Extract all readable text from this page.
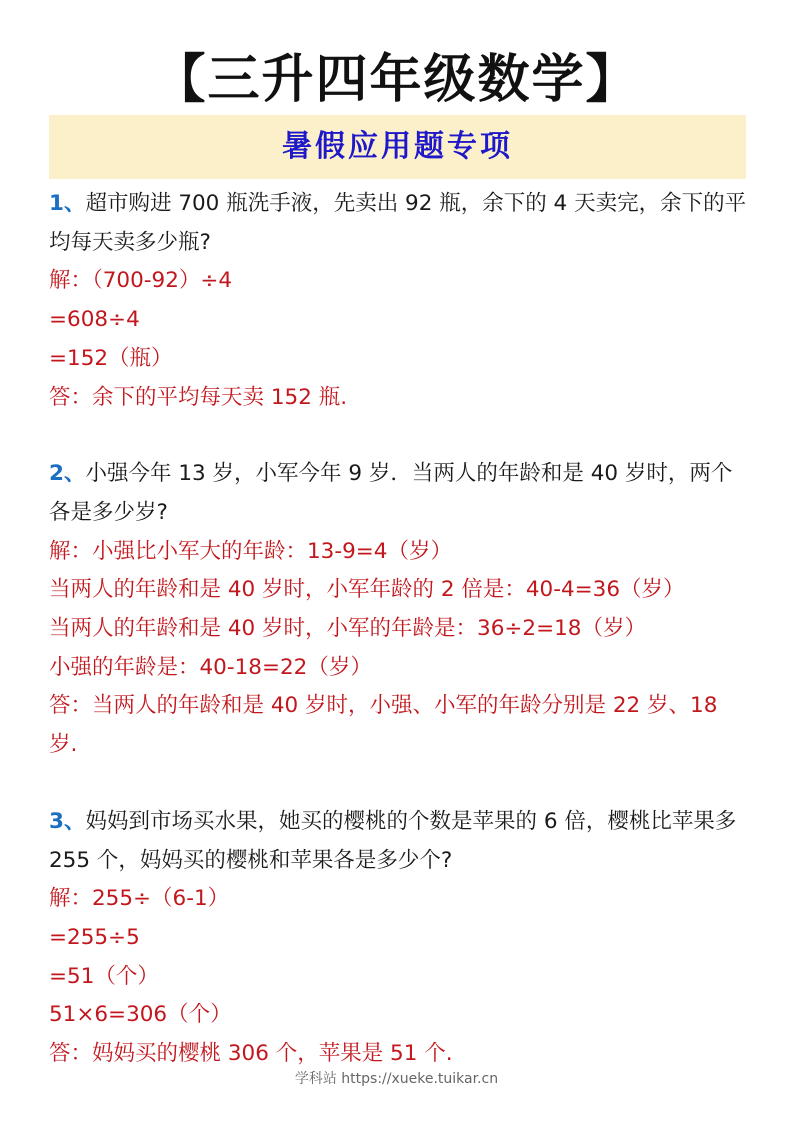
【三升四年级数学】
暑假应用题专项

1、超市购进 700 瓶洗手液，先卖出 92 瓶，余下的 4 天卖完，余下的平均每天卖多少瓶?

解：（700-92）÷4

=608÷4

=152（瓶）

答：余下的平均每天卖 152 瓶.

2、小强今年 13 岁，小军今年 9 岁．当两人的年龄和是 40 岁时，两个各是多少岁?

解：小强比小军大的年龄：13-9=4（岁）

当两人的年龄和是 40 岁时，小军年龄的 2 倍是：40-4=36（岁）

当两人的年龄和是 40 岁时，小军的年龄是：36÷2=18（岁）

小强的年龄是：40-18=22（岁）

答：当两人的年龄和是 40 岁时，小强、小军的年龄分别是 22 岁、18 岁.

3、妈妈到市场买水果，她买的樱桃的个数是苹果的 6 倍，樱桃比苹果多 255 个，妈妈买的樱桃和苹果各是多少个?

解：255÷（6-1）

=255÷5

=51（个）

51×6=306（个）

答：妈妈买的樱桃 306 个，苹果是 51 个.

学科站 https://xueke.tuikar.cn
